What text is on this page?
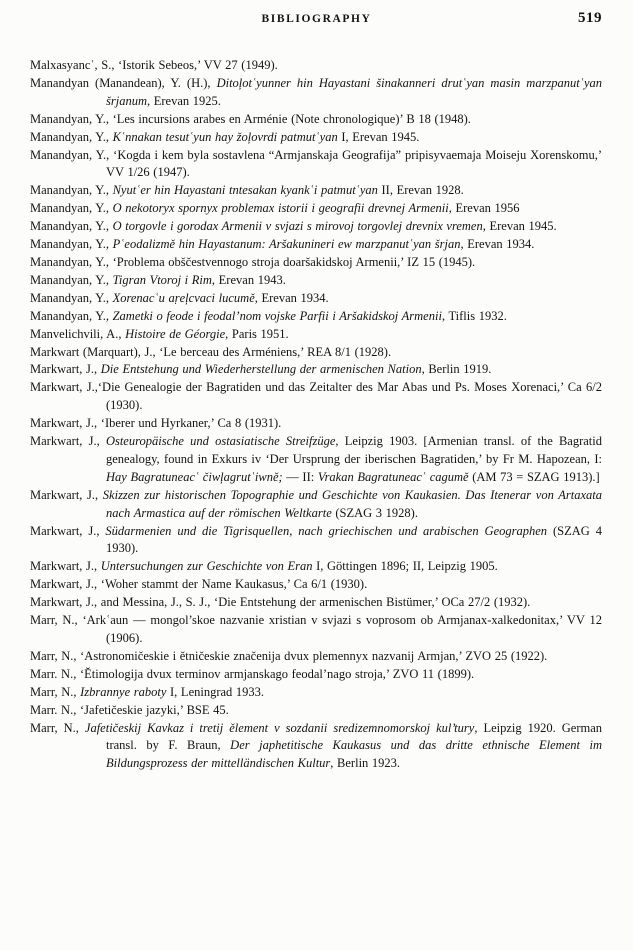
BIBLIOGRAPHY	519
Malxasyancʿ, S., ‘Istorik Sebeos,’ VV 27 (1949).
Manandyan (Manandean), Y. (H.), Ditoļotʿyunner hin Hayastani šinakanneri drutʿyan masin marzpanutʿyan šrjanum, Erevan 1925.
Manandyan, Y., ‘Les incursions arabes en Arménie (Note chronologique)’ B 18 (1948).
Manandyan, Y., Kʿnnakan tesutʿyun hay žoļovrdi patmutʿyan I, Erevan 1945.
Manandyan, Y., ‘Kogda i kem byla sostavlena “Armjanskaja Geografija” pripisyvaemaja Moiseju Xorenskomu,’ VV 1/26 (1947).
Manandyan, Y., Nyutʿer hin Hayastani tntesakan kyankʿi patmutʿyan II, Erevan 1928.
Manandyan, Y., O nekotoryx spornyx problemax istorii i geografii drevnej Armenii, Erevan 1956
Manandyan, Y., O torgovle i gorodax Armenii v svjazi s mirovoj torgovlej drevnix vremen, Erevan 1945.
Manandyan, Y., Pʿeodalizmě hin Hayastanum: Aršakunineri ew marzpanutʿyan šrjan, Erevan 1934.
Manandyan, Y., ‘Problema obščestvennogo stroja doaršakidskoj Armenii,’ IZ 15 (1945).
Manandyan, Y., Tigran Vtoroj i Rim, Erevan 1943.
Manandyan, Y., Xorenacʿu aṛeļcvaci lucumě, Erevan 1934.
Manandyan, Y., Zametki o feode i feodal’nom vojske Parfii i Aršakidskoj Armenii, Tiflis 1932.
Manvelichvili, A., Histoire de Géorgie, Paris 1951.
Markwart (Marquart), J., ‘Le berceau des Arméniens,’ REA 8/1 (1928).
Markwart, J., Die Entstehung und Wiederherstellung der armenischen Nation, Berlin 1919.
Markwart, J.,‘Die Genealogie der Bagratiden und das Zeitalter des Mar Abas und Ps. Moses Xorenaci,’ Ca 6/2 (1930).
Markwart, J., ‘Iberer und Hyrkaner,’ Ca 8 (1931).
Markwart, J., Osteuropäische und ostasiatische Streifzüge, Leipzig 1903. [Armenian transl. of the Bagratid genealogy, found in Exkurs iv ‘Der Ursprung der iberischen Bagratiden,’ by Fr M. Hapozean, I: Hay Bagratuneacʿ čiwļagrutʿiwně; — II: Vrakan Bagratuneacʿ cagumě (AM 73 = SZAG 1913).]
Markwart, J., Skizzen zur historischen Topographie und Geschichte von Kaukasien. Das Itenerar von Artaxata nach Armastica auf der römischen Weltkarte (SZAG 3 1928).
Markwart, J., Südarmenien und die Tigrisquellen, nach griechischen und arabischen Geographen (SZAG 4 1930).
Markwart, J., Untersuchungen zur Geschichte von Eran I, Göttingen 1896; II, Leipzig 1905.
Markwart, J., ‘Woher stammt der Name Kaukasus,’ Ca 6/1 (1930).
Markwart, J., and Messina, J., S. J., ‘Die Entstehung der armenischen Bistümer,’ OCa 27/2 (1932).
Marr, N., ‘Arkʿaun — mongol’skoe nazvanie xristian v svjazi s voprosom ob Armjanax-xalkedonitax,’ VV 12 (1906).
Marr, N., ‘Astronomičeskie i ětničeskie značenija dvux plemennyx nazvanij Armjan,’ ZVO 25 (1922).
Marr. N., ‘Ĕtimologija dvux terminov armjanskago feodal’nago stroja,’ ZVO 11 (1899).
Marr, N., Izbrannye raboty I, Leningrad 1933.
Marr. N., ‘Jafetičeskie jazyki,’ BSE 45.
Marr, N., Jafetičeskij Kavkaz i tretij ělement v sozdanii sredizemnomorskoj kul’tury, Leipzig 1920. German transl. by F. Braun, Der japhetitische Kaukasus und das dritte ethnische Element im Bildungsprozess der mittelländischen Kultur, Berlin 1923.
